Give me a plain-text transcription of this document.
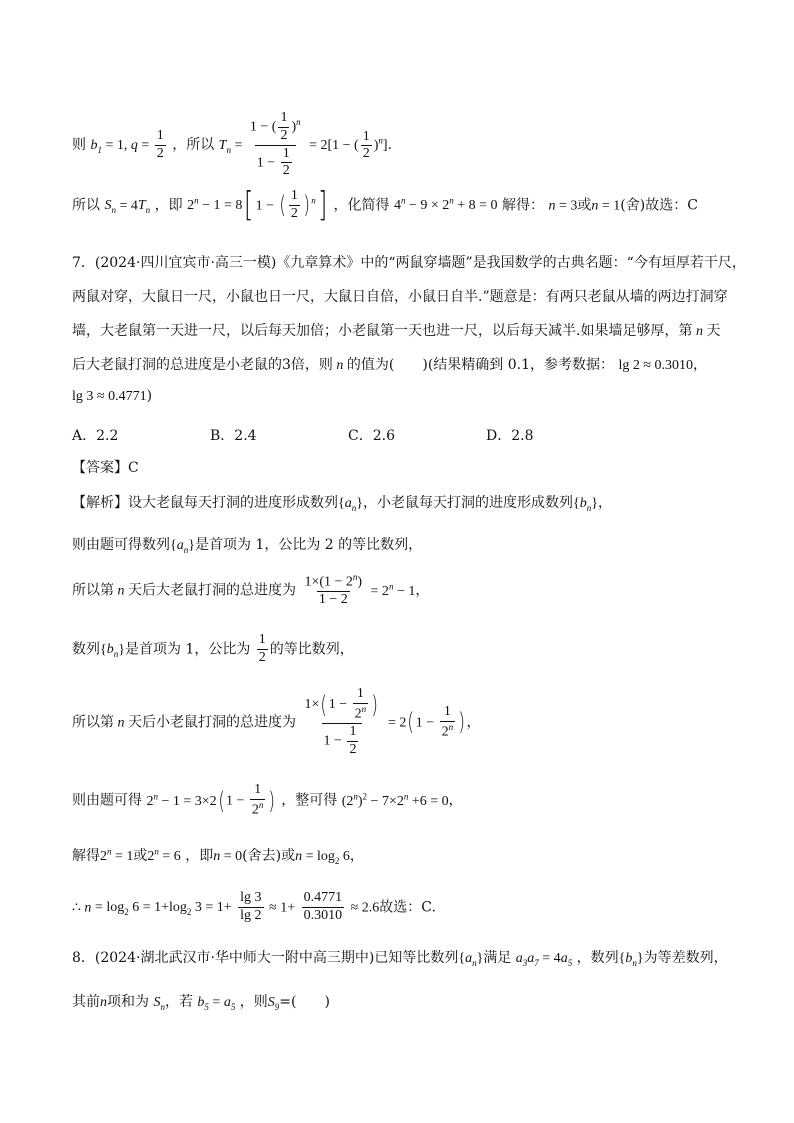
则 $b_1 = 1$, $q = \frac{1}{2}$ ，所以 $T_n = \frac{1 - ( \frac{1}{2} )^n}{1 - \frac{1}{2}} = 2[1$ − ( $\frac{1}{2} )^n$].
所以 $S_n = 4T_n$ ，即 $2^n - 1 = 8$[ 1 − ( $\frac{1}{2} )^n$] ，化简得 $4^n - 9 \times 2^n + 8 = 0$ 解得： n = 3或n = 1(舍)故选：C
7．(2024·四川宜宾市·高三一模)《九章算术》中的“两鼠穿墙题”是我国数学的古典名题：“今有垣厚若干尺，
两鼠对穿，大鼠日一尺，小鼠也日一尺，大鼠日自倍，小鼠日自半.”题意是：有两只老鼠从墙的两边打洞穿
墙，大老鼠第一天进一尺，以后每天加倍；小老鼠第一天也进一尺，以后每天减半.如果墙足够厚，第 n 天
后大老鼠打洞的总进度是小老鼠的3倍，则 n 的值为(　　)(结果精确到 0.1，参考数据： lg 2 ≈ 0.3010，
lg 3 ≈ 0.4771)
A．2.2	B．2.4	C．2.6	D．2.8
【答案】C
【解析】设大老鼠每天打洞的进度形成数列$\{a_n\}$，小老鼠每天打洞的进度形成数列$\{b_n\}$，
则由题可得数列$\{a_n\}$是首项为 1，公比为 2 的等比数列，
所以第 n 天后大老鼠打洞的总进度为 $\frac{1\times(1 - 2^n)}{1 - 2} = 2^n - 1$，
数列$\{b_n\}$是首项为 1，公比为 $\frac{1}{2}$ 的等比数列，
所以第 n 天后小老鼠打洞的总进度为 $\frac{1\times(1 - \frac{1}{2^n} )}{1 - \frac{1}{2}} = 2(1 - \frac{1}{2^n}$ )，
则由题可得 $2^n - 1 = 3\times 2(1 - \frac{1}{2^n}$ ) ，整可得 $(2^n)^2 - 7\times 2^n +6 = 0$，
解得$2^n = 1$或$2^n = 6$ ，即n = 0(舍去)或$n = \log_2 6$，
∴ $n = \log_2 6 = 1+\log_2$ $3 = 1+ \frac{\lg 3}{\lg 2} \approx 1+ \frac{0.4771}{0.3010} \approx 2.6$故选：C.
8．(2024·湖北武汉市·华中师大一附中高三期中)已知等比数列$\{a_n\}$满足 $a_3a_7 = 4a_5$ ，数列$\{b_n\}$为等差数列，
其前n项和为 $S_n$，若 $b_5 = a_5$ ，则$S_9=$(　　)
